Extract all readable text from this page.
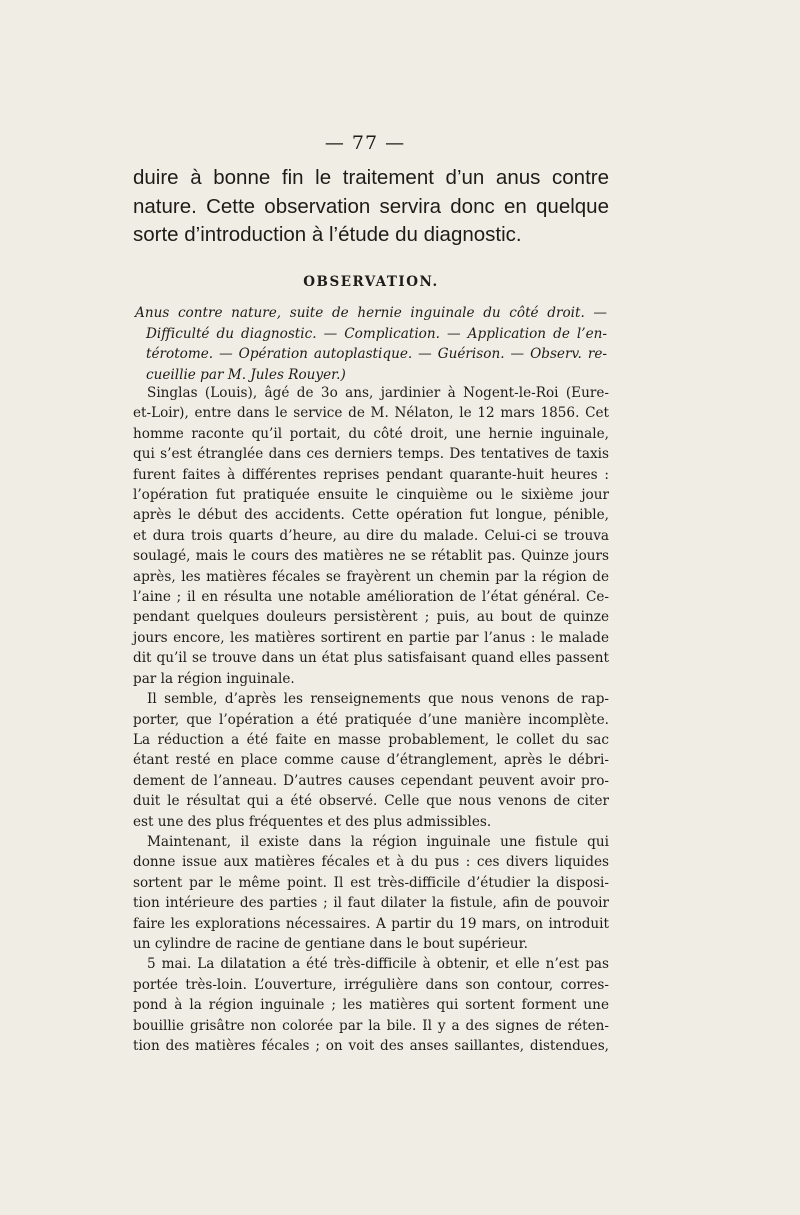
— 77 —
duire à bonne fin le traitement d’un anus contre
nature. Cette observation servira donc en quelque
sorte d’introduction à l’étude du diagnostic.
OBSERVATION.
Anus contre nature, suite de hernie inguinale du côté droit. —
Difficulté du diagnostic. — Complication. — Application de l’en-
térotome. — Opération autoplastique. — Guérison. — Observ. re-
cueillie par M. Jules Rouyer.)
Singlas (Louis), âgé de 3o ans, jardinier à Nogent-le-Roi (Eure-
et-Loir), entre dans le service de M. Nélaton, le 12 mars 1856. Cet
homme raconte qu’il portait, du côté droit, une hernie inguinale,
qui s’est étranglée dans ces derniers temps. Des tentatives de taxis
furent faites à différentes reprises pendant quarante-huit heures :
l’opération fut pratiquée ensuite le cinquième ou le sixième jour
après le début des accidents. Cette opération fut longue, pénible,
et dura trois quarts d’heure, au dire du malade. Celui-ci se trouva
soulagé, mais le cours des matières ne se rétablit pas. Quinze jours
après, les matières fécales se frayèrent un chemin par la région de
l’aine ; il en résulta une notable amélioration de l’état général. Ce-
pendant quelques douleurs persistèrent ; puis, au bout de quinze
jours encore, les matières sortirent en partie par l’anus : le malade
dit qu’il se trouve dans un état plus satisfaisant quand elles passent
par la région inguinale.
Il semble, d’après les renseignements que nous venons de rap-
porter, que l’opération a été pratiquée d’une manière incomplète.
La réduction a été faite en masse probablement, le collet du sac
étant resté en place comme cause d’étranglement, après le débri-
dement de l’anneau. D’autres causes cependant peuvent avoir pro-
duit le résultat qui a été observé. Celle que nous venons de citer
est une des plus fréquentes et des plus admissibles.
Maintenant, il existe dans la région inguinale une fistule qui
donne issue aux matières fécales et à du pus : ces divers liquides
sortent par le même point. Il est très-difficile d’étudier la disposi-
tion intérieure des parties ; il faut dilater la fistule, afin de pouvoir
faire les explorations nécessaires. A partir du 19 mars, on introduit
un cylindre de racine de gentiane dans le bout supérieur.
5 mai. La dilatation a été très-difficile à obtenir, et elle n’est pas
portée très-loin. L’ouverture, irrégulière dans son contour, corres-
pond à la région inguinale ; les matières qui sortent forment une
bouillie grisâtre non colorée par la bile. Il y a des signes de réten-
tion des matières fécales ; on voit des anses saillantes, distendues,
